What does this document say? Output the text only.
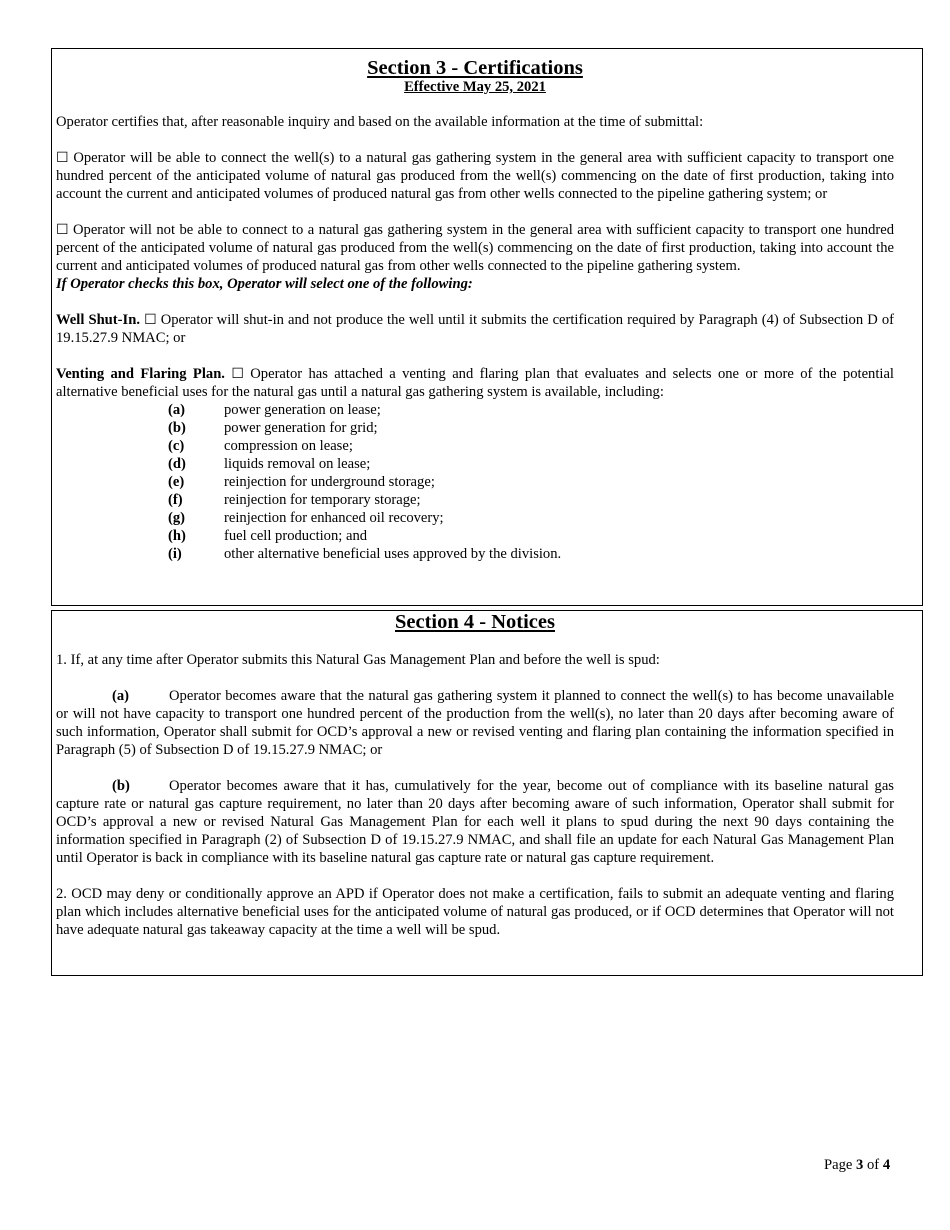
Section 3 - Certifications
Effective May 25, 2021

Operator certifies that, after reasonable inquiry and based on the available information at the time of submittal:

☐ Operator will be able to connect the well(s) to a natural gas gathering system in the general area with sufficient capacity to transport one hundred percent of the anticipated volume of natural gas produced from the well(s) commencing on the date of first production, taking into account the current and anticipated volumes of produced natural gas from other wells connected to the pipeline gathering system; or

☐ Operator will not be able to connect to a natural gas gathering system in the general area with sufficient capacity to transport one hundred percent of the anticipated volume of natural gas produced from the well(s) commencing on the date of first production, taking into account the current and anticipated volumes of produced natural gas from other wells connected to the pipeline gathering system.

If Operator checks this box, Operator will select one of the following:

Well Shut-In. ☐ Operator will shut-in and not produce the well until it submits the certification required by Paragraph (4) of Subsection D of 19.15.27.9 NMAC; or

Venting and Flaring Plan. ☐ Operator has attached a venting and flaring plan that evaluates and selects one or more of the potential alternative beneficial uses for the natural gas until a natural gas gathering system is available, including:

(a)	power generation on lease;
(b)	power generation for grid;
(c)	compression on lease;
(d)	liquids removal on lease;
(e)	reinjection for underground storage;
(f)	reinjection for temporary storage;
(g)	reinjection for enhanced oil recovery;
(h)	fuel cell production; and
(i)	other alternative beneficial uses approved by the division.
Section 4 - Notices

1. If, at any time after Operator submits this Natural Gas Management Plan and before the well is spud:

(a)	Operator becomes aware that the natural gas gathering system it planned to connect the well(s) to has become unavailable or will not have capacity to transport one hundred percent of the production from the well(s), no later than 20 days after becoming aware of such information, Operator shall submit for OCD’s approval a new or revised venting and flaring plan containing the information specified in Paragraph (5) of Subsection D of 19.15.27.9 NMAC; or

(b)	Operator becomes aware that it has, cumulatively for the year, become out of compliance with its baseline natural gas capture rate or natural gas capture requirement, no later than 20 days after becoming aware of such information, Operator shall submit for OCD’s approval a new or revised Natural Gas Management Plan for each well it plans to spud during the next 90 days containing the information specified in Paragraph (2) of Subsection D of 19.15.27.9 NMAC, and shall file an update for each Natural Gas Management Plan until Operator is back in compliance with its baseline natural gas capture rate or natural gas capture requirement.

2. OCD may deny or conditionally approve an APD if Operator does not make a certification, fails to submit an adequate venting and flaring plan which includes alternative beneficial uses for the anticipated volume of natural gas produced, or if OCD determines that Operator will not have adequate natural gas takeaway capacity at the time a well will be spud.

Page 3 of 4
